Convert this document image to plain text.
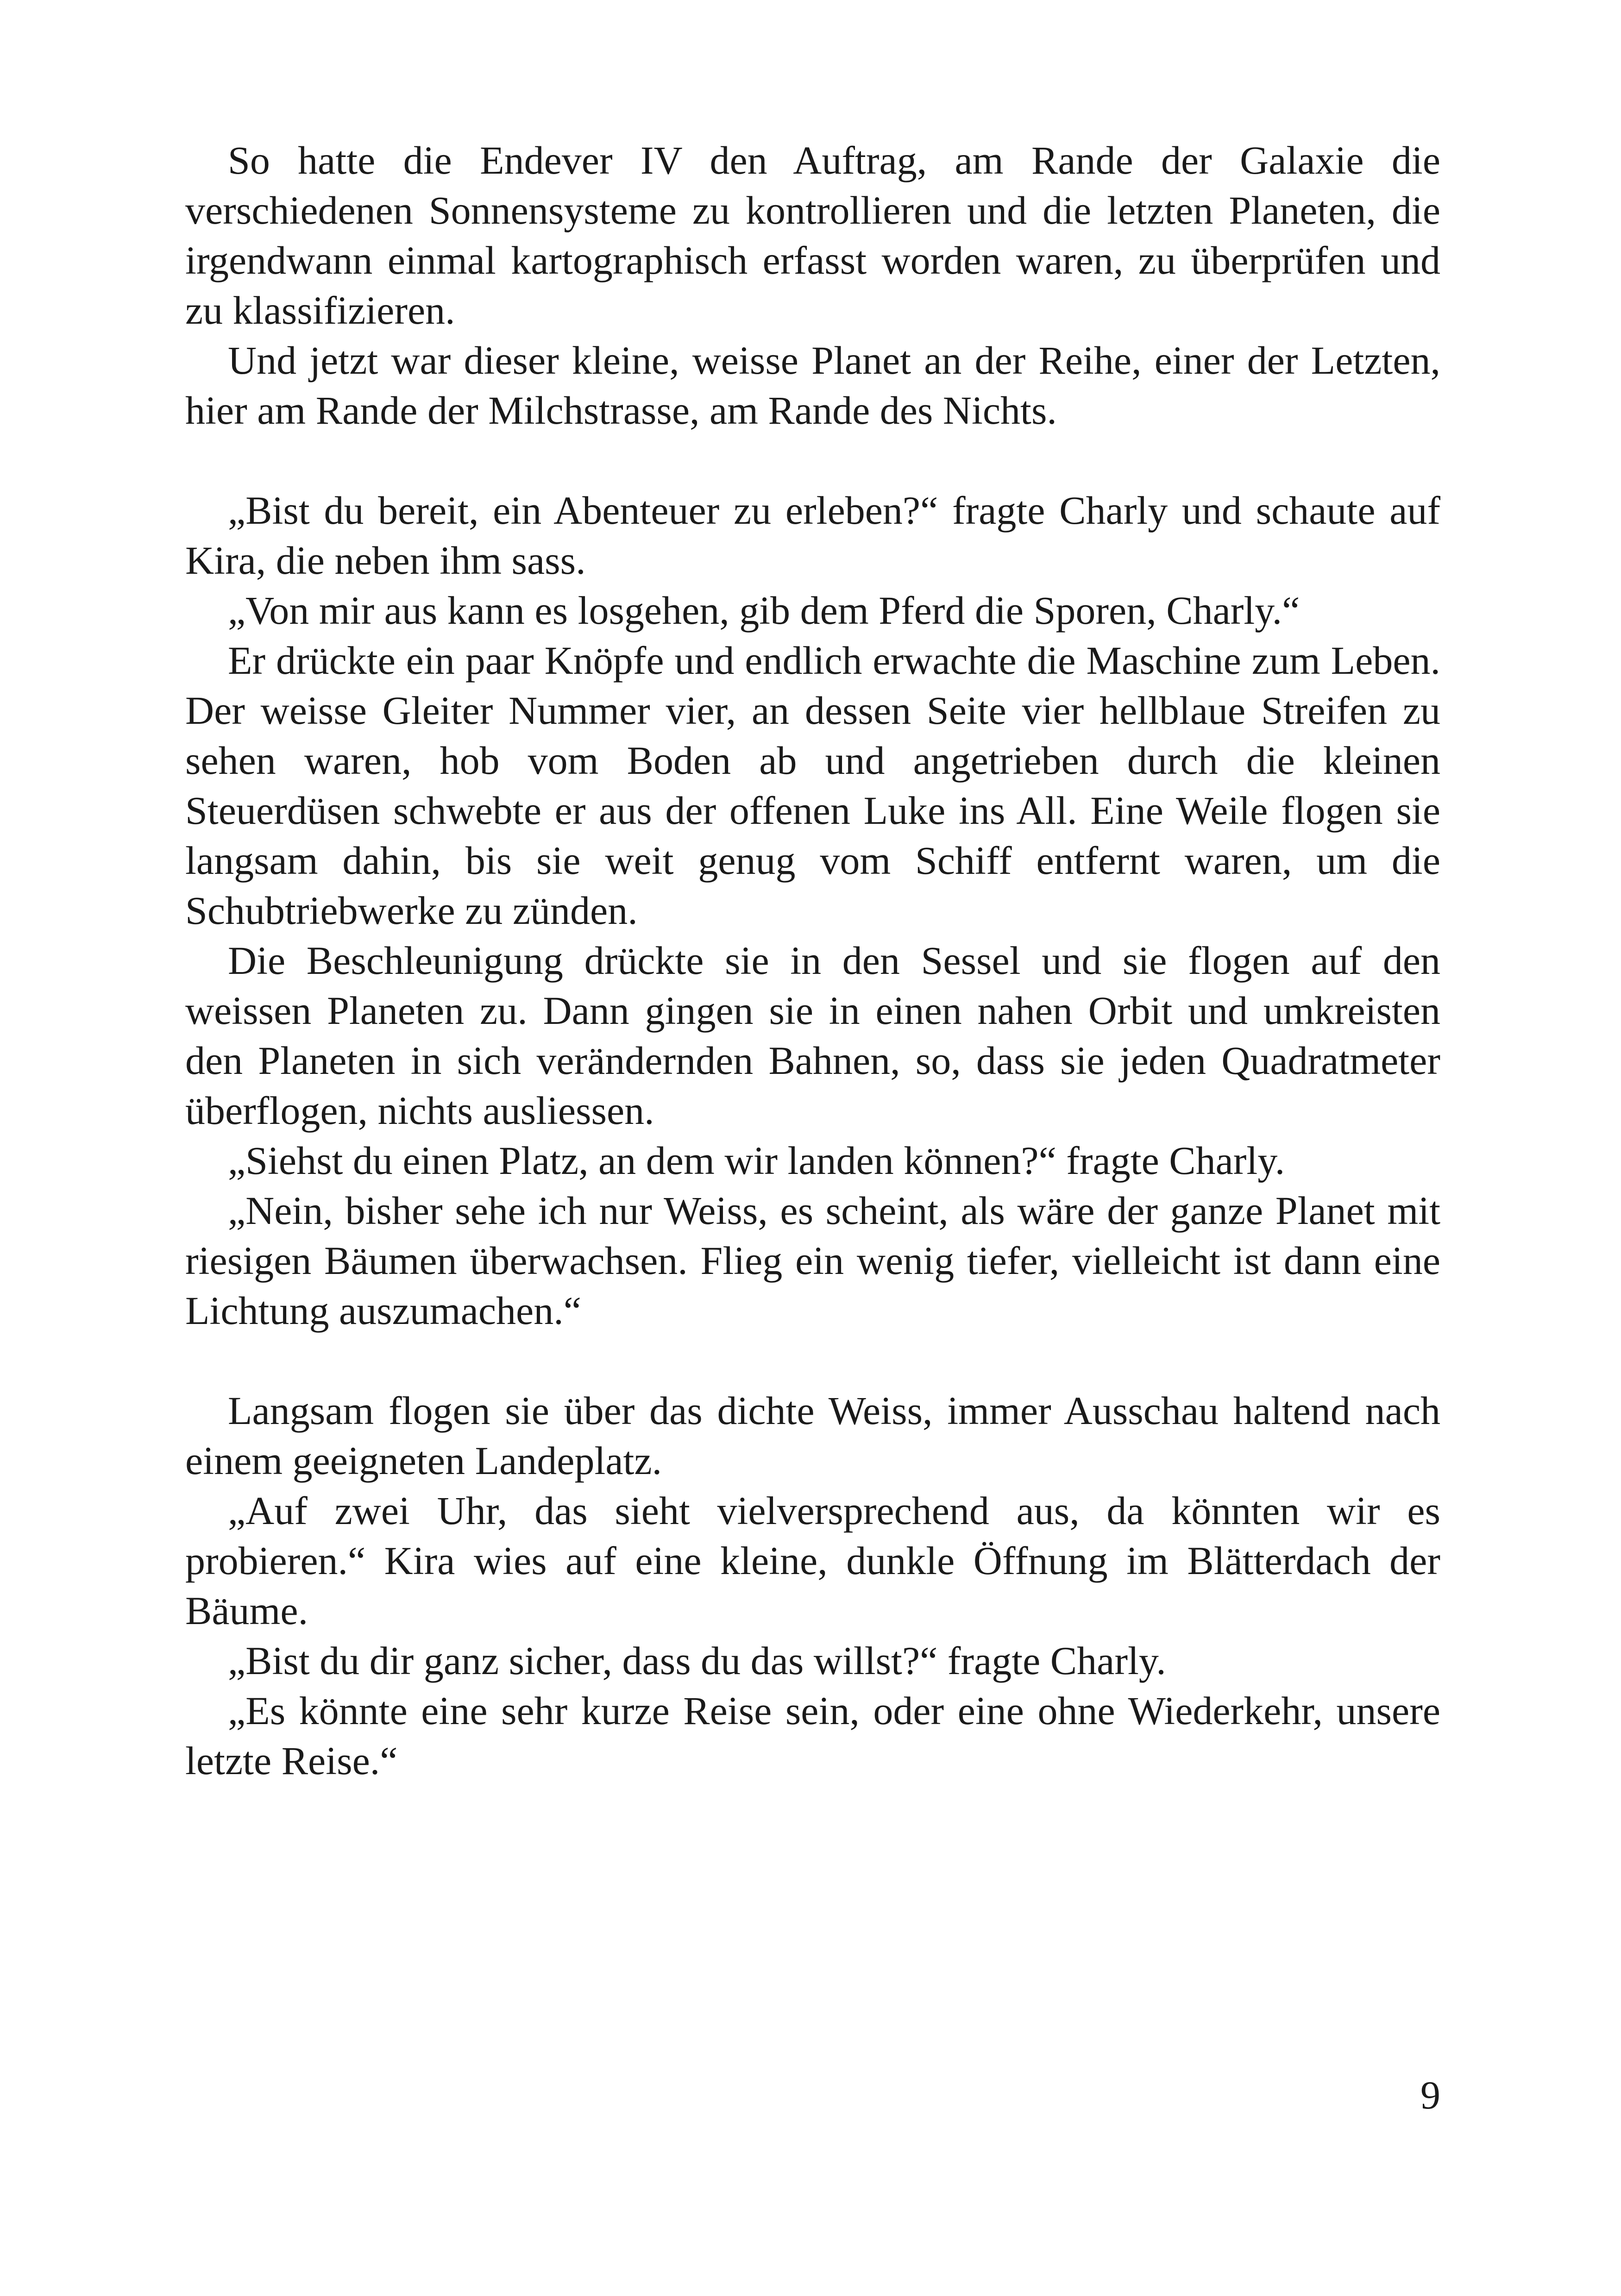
So hatte die Endever IV den Auftrag, am Rande der Galaxie die verschiedenen Sonnensysteme zu kontrollieren und die letzten Planeten, die irgendwann einmal kartographisch erfasst worden waren, zu überprüfen und zu klassifizieren.

Und jetzt war dieser kleine, weisse Planet an der Reihe, einer der Letzten, hier am Rande der Milchstrasse, am Rande des Nichts.

„Bist du bereit, ein Abenteuer zu erleben?“ fragte Charly und schaute auf Kira, die neben ihm sass.

„Von mir aus kann es losgehen, gib dem Pferd die Sporen, Charly.“

Er drückte ein paar Knöpfe und endlich erwachte die Maschine zum Leben. Der weisse Gleiter Nummer vier, an dessen Seite vier hellblaue Streifen zu sehen waren, hob vom Boden ab und angetrieben durch die kleinen Steuerdüsen schwebte er aus der offenen Luke ins All. Eine Weile flogen sie langsam dahin, bis sie weit genug vom Schiff entfernt waren, um die Schubtriebwerke zu zünden.

Die Beschleunigung drückte sie in den Sessel und sie flogen auf den weissen Planeten zu. Dann gingen sie in einen nahen Orbit und umkreisten den Planeten in sich verändernden Bahnen, so, dass sie jeden Quadratmeter überflogen, nichts ausliessen.

„Siehst du einen Platz, an dem wir landen können?“ fragte Charly.

„Nein, bisher sehe ich nur Weiss, es scheint, als wäre der ganze Planet mit riesigen Bäumen überwachsen. Flieg ein wenig tiefer, vielleicht ist dann eine Lichtung auszumachen.“

Langsam flogen sie über das dichte Weiss, immer Ausschau haltend nach einem geeigneten Landeplatz.

„Auf zwei Uhr, das sieht vielversprechend aus, da könnten wir es probieren.“ Kira wies auf eine kleine, dunkle Öffnung im Blätterdach der Bäume.

„Bist du dir ganz sicher, dass du das willst?“ fragte Charly.

„Es könnte eine sehr kurze Reise sein, oder eine ohne Wiederkehr, unsere letzte Reise.“

9
